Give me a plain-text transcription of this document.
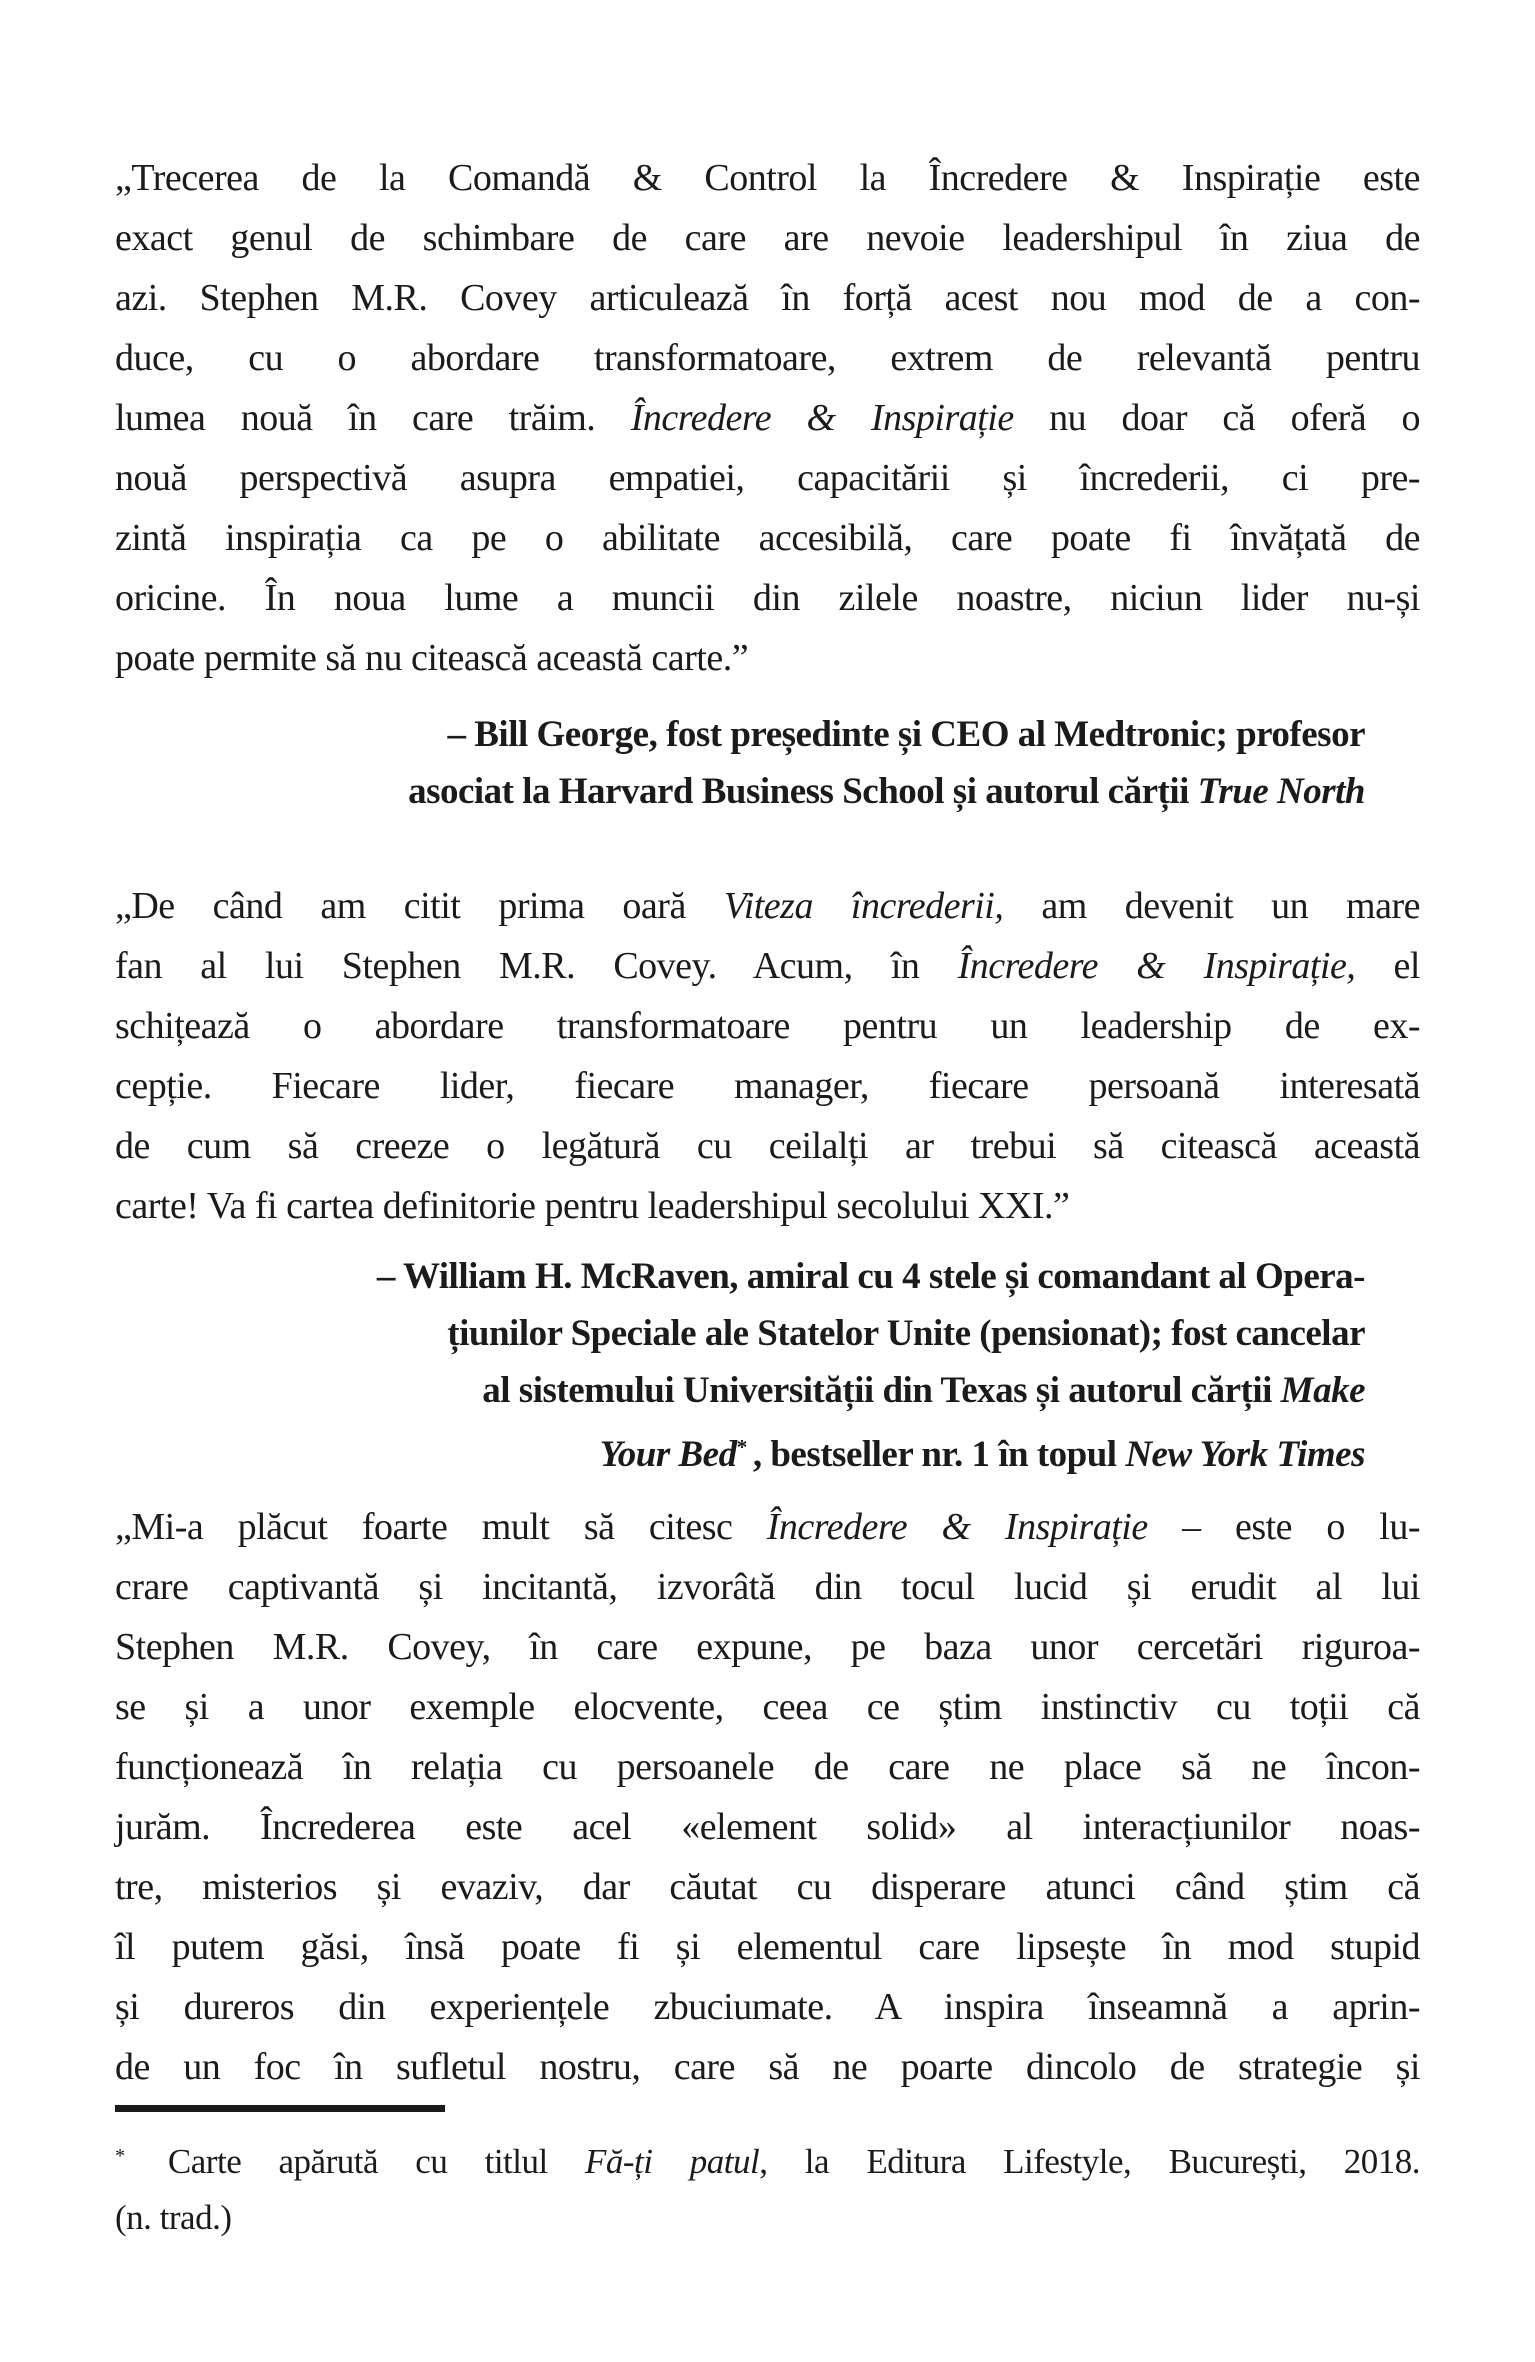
„Trecerea de la Comandă & Control la Încredere & Inspirație este
exact genul de schimbare de care are nevoie leadershipul în ziua de
azi. Stephen M.R. Covey articulează în forță acest nou mod de a con-
duce, cu o abordare transformatoare, extrem de relevantă pentru
lumea nouă în care trăim. Încredere & Inspirație nu doar că oferă o
nouă perspectivă asupra empatiei, capacitării și încrederii, ci pre-
zintă inspirația ca pe o abilitate accesibilă, care poate fi învățată de
oricine. În noua lume a muncii din zilele noastre, niciun lider nu-și
poate permite să nu citească această carte.”
– Bill George, fost președinte și CEO al Medtronic; profesor
asociat la Harvard Business School și autorul cărții True North
„De când am citit prima oară Viteza încrederii, am devenit un mare
fan al lui Stephen M.R. Covey. Acum, în Încredere & Inspirație, el
schițează o abordare transformatoare pentru un leadership de ex-
cepție. Fiecare lider, fiecare manager, fiecare persoană interesată
de cum să creeze o legătură cu ceilalți ar trebui să citească această
carte! Va fi cartea definitorie pentru leadershipul secolului XXI.”
– William H. McRaven, amiral cu 4 stele și comandant al Opera-
țiunilor Speciale ale Statelor Unite (pensionat); fost cancelar
al sistemului Universității din Texas și autorul cărții Make
Your Bed* , bestseller nr. 1 în topul New York Times
„Mi-a plăcut foarte mult să citesc Încredere & Inspirație – este o lu-
crare captivantă și incitantă, izvorâtă din tocul lucid și erudit al lui
Stephen M.R. Covey, în care expune, pe baza unor cercetări riguroa-
se și a unor exemple elocvente, ceea ce știm instinctiv cu toții că
funcționează în relația cu persoanele de care ne place să ne încon-
jurăm. Încrederea este acel «element solid» al interacțiunilor noas-
tre, misterios și evaziv, dar căutat cu disperare atunci când știm că
îl putem găsi, însă poate fi și elementul care lipsește în mod stupid
și dureros din experiențele zbuciumate. A inspira înseamnă a aprin-
de un foc în sufletul nostru, care să ne poarte dincolo de strategie și
* Carte apărută cu titlul Fă-ți patul, la Editura Lifestyle, București, 2018.
(n. trad.)
